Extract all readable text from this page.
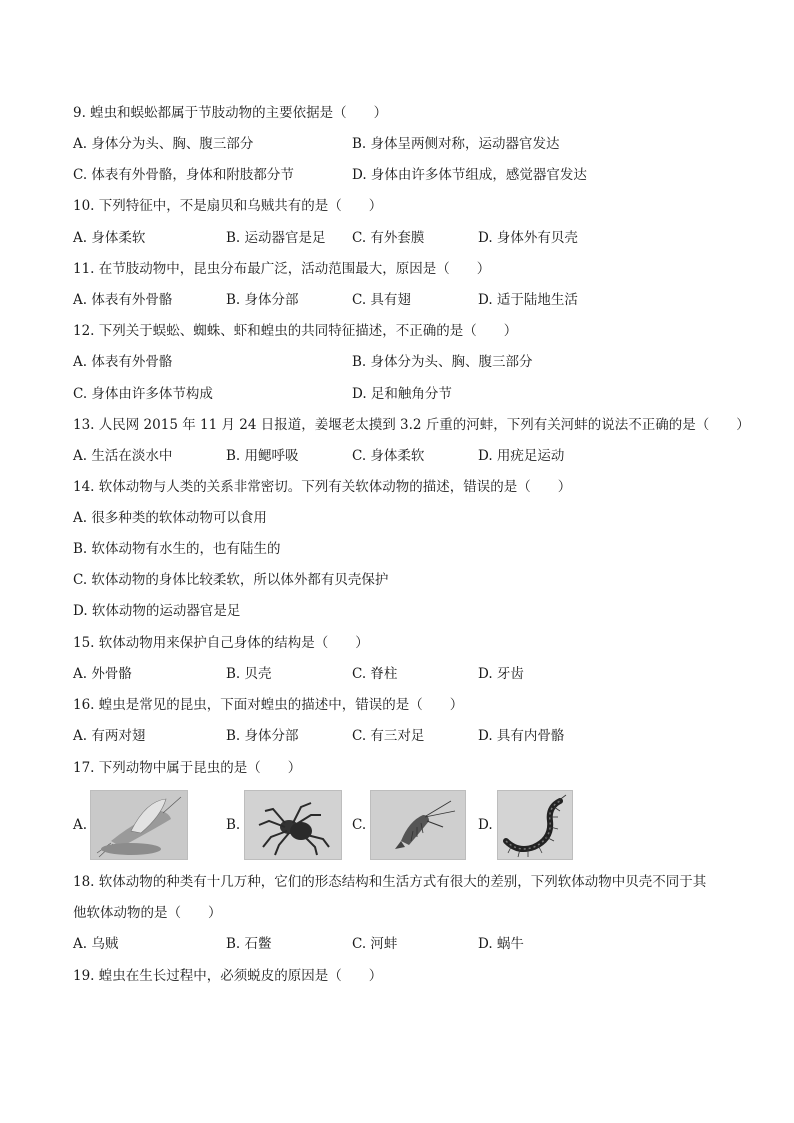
9. 蝗虫和蜈蚣都属于节肢动物的主要依据是（　　）
A. 身体分为头、胸、腹三部分	B. 身体呈两侧对称，运动器官发达
C. 体表有外骨骼，身体和附肢都分节	D. 身体由许多体节组成，感觉器官发达
10. 下列特征中，不是扇贝和乌贼共有的是（　　）
A. 身体柔软	B. 运动器官是足 C. 有外套膜	D. 身体外有贝壳
11. 在节肢动物中，昆虫分布最广泛，活动范围最大，原因是（　　）
A. 体表有外骨骼	B. 身体分部	C. 具有翅	D. 适于陆地生活
12. 下列关于蜈蚣、蜘蛛、虾和蝗虫的共同特征描述，不正确的是（　　）
A. 体表有外骨骼	B. 身体分为头、胸、腹三部分
C. 身体由许多体节构成	D. 足和触角分节
13. 人民网 2015 年 11 月 24 日报道，姜堰老太摸到 3.2 斤重的河蚌，下列有关河蚌的说法不正确的是（　　）
A. 生活在淡水中	B. 用鳃呼吸	C. 身体柔软	D. 用疣足运动
14. 软体动物与人类的关系非常密切。下列有关软体动物的描述，错误的是（　　）
A. 很多种类的软体动物可以食用
B. 软体动物有水生的，也有陆生的
C. 软体动物的身体比较柔软，所以体外都有贝壳保护
D. 软体动物的运动器官是足
15. 软体动物用来保护自己身体的结构是（　　）
A. 外骨骼	B. 贝壳	C. 脊柱	D. 牙齿
16. 蝗虫是常见的昆虫，下面对蝗虫的描述中，错误的是（　　）
A. 有两对翅	B. 身体分部	C. 有三对足	D. 具有内骨骼
17. 下列动物中属于昆虫的是（　　）
A.	B.	C.	D.
18. 软体动物的种类有十几万种，它们的形态结构和生活方式有很大的差别，下列软体动物中贝壳不同于其
他软体动物的是（　　）
A. 乌贼	B. 石鳖	C. 河蚌	D. 蜗牛
19. 蝗虫在生长过程中，必须蜕皮的原因是（　　）
